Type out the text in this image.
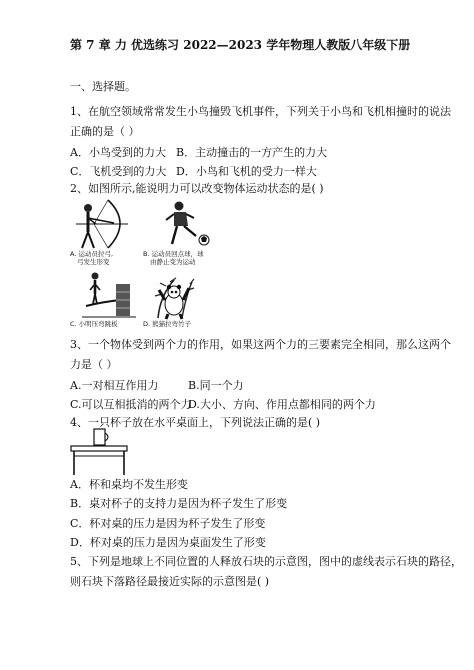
第 7 章 力 优选练习 2022—2023 学年物理人教版八年级下册
一、选择题。
1、在航空领域常常发生小鸟撞毁飞机事件，下列关于小鸟和飞机相撞时的说法
正确的是（ ）
A．小鸟受到的力大 B．主动撞击的一方产生的力大
C．飞机受到的力大 D．小鸟和飞机的受力一样大
2、如图所示,能说明力可以改变物体运动状态的是( )
A. 运动员拉弓,
弓发生形变
B. 运动员回点球，球
由静止变为运动
C. 小明压弯跳板	D. 熊猫拉弯竹子
3、一个物体受到两个力的作用，如果这两个力的三要素完全相同，那么这两个
力是（ ）
A.一对相互作用力	B.同一个力
C.可以互相抵消的两个力
D.大小、方向、作用点都相同的两个力
4、一只杯子放在水平桌面上，下列说法正确的是( )
A．杯和桌均不发生形变
B．桌对杯子的支持力是因为杯子发生了形变
C．杯对桌的压力是因为杯子发生了形变
D．杯对桌的压力是因为桌面发生了形变
5、下列是地球上不同位置的人释放石块的示意图，图中的虚线表示石块的路径，
则石块下落路径最接近实际的示意图是( )
